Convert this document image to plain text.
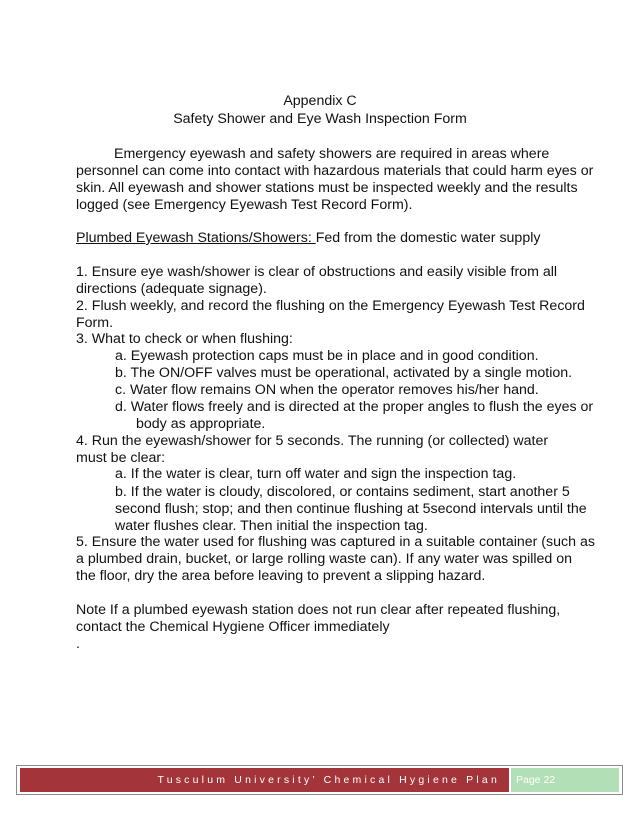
Appendix C
Safety Shower and Eye Wash Inspection Form
Emergency eyewash and safety showers are required in areas where
personnel can come into contact with hazardous materials that could harm eyes or
skin. All eyewash and shower stations must be inspected weekly and the results
logged (see Emergency Eyewash Test Record Form).
Plumbed Eyewash Stations/Showers: Fed from the domestic water supply
1. Ensure eye wash/shower is clear of obstructions and easily visible from all
directions (adequate signage).
2. Flush weekly, and record the flushing on the Emergency Eyewash Test Record
Form.
3. What to check or when flushing:
a. Eyewash protection caps must be in place and in good condition.
b. The ON/OFF valves must be operational, activated by a single motion.
c. Water flow remains ON when the operator removes his/her hand.
d. Water flows freely and is directed at the proper angles to flush the eyes or
body as appropriate.
4. Run the eyewash/shower for 5 seconds. The running (or collected) water
must be clear:
a. If the water is clear, turn off water and sign the inspection tag.
b. If the water is cloudy, discolored, or contains sediment, start another 5
second flush; stop; and then continue flushing at 5second intervals until the
water flushes clear. Then initial the inspection tag.
5. Ensure the water used for flushing was captured in a suitable container (such as
a plumbed drain, bucket, or large rolling waste can). If any water was spilled on
the floor, dry the area before leaving to prevent a slipping hazard.
Note If a plumbed eyewash station does not run clear after repeated flushing,
contact the Chemical Hygiene Officer immediately
.
Tusculum University’ Chemical Hygiene Plan Page 22
